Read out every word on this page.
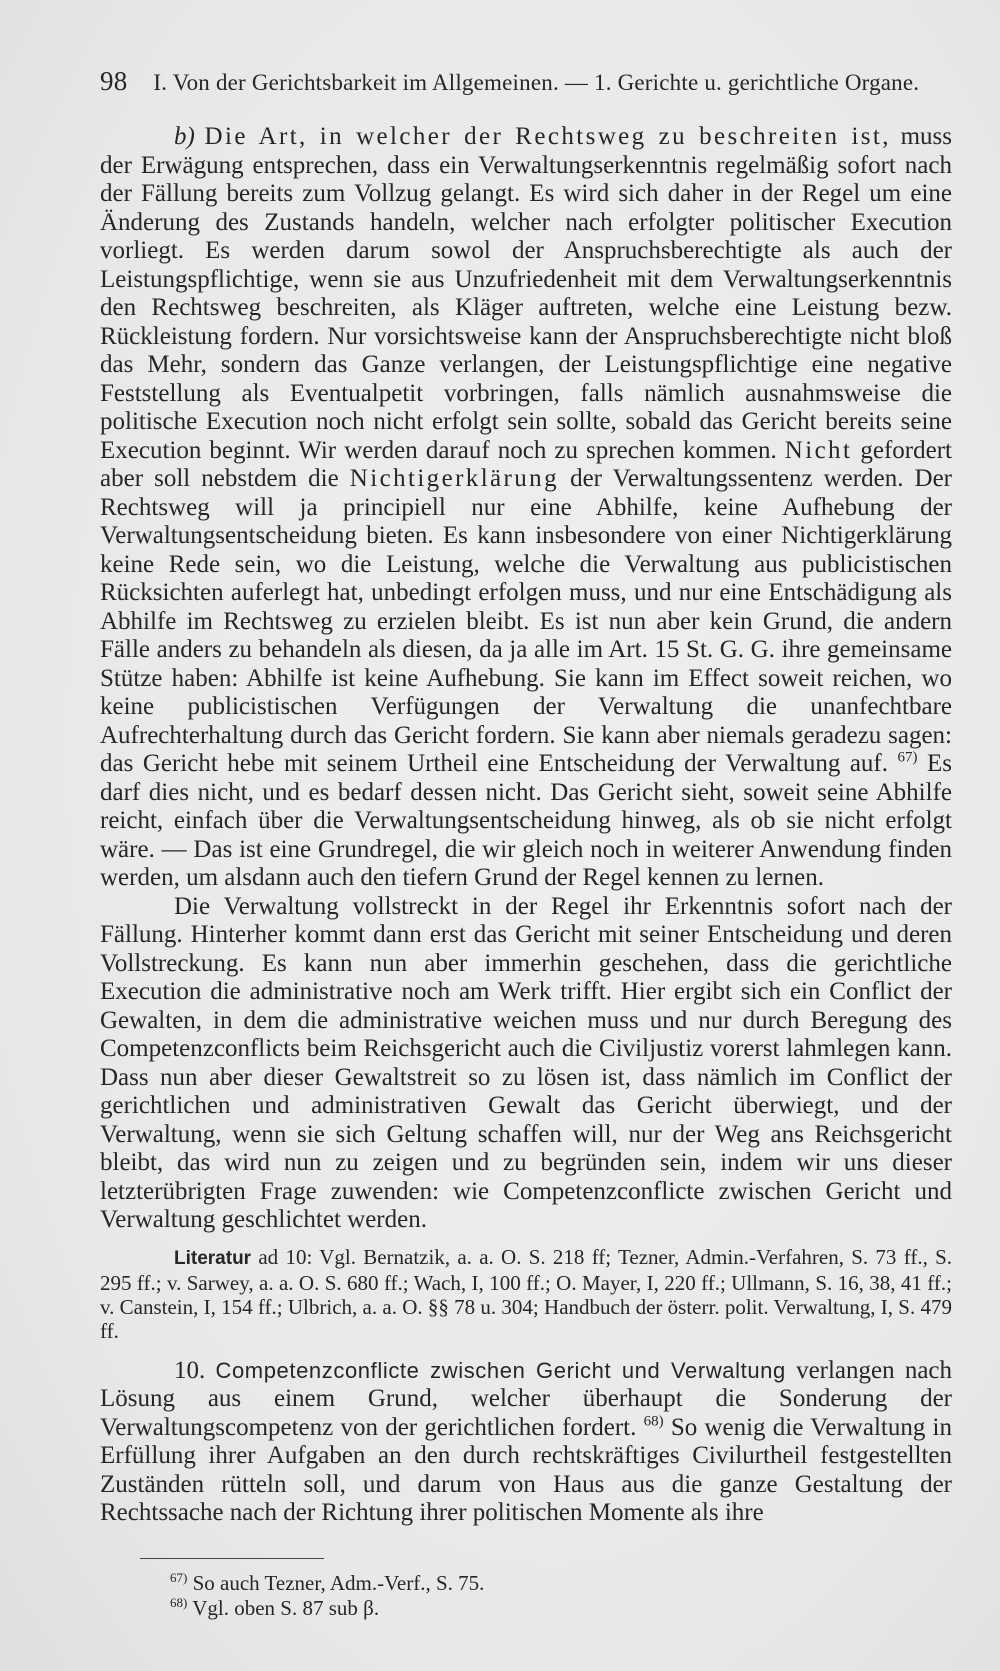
98 I. Von der Gerichtsbarkeit im Allgemeinen. — 1. Gerichte u. gerichtliche Organe.

b) Die Art, in welcher der Rechtsweg zu beschreiten ist, muss der Erwägung entsprechen, dass ein Verwaltungserkenntnis regelmäßig sofort nach der Fällung bereits zum Vollzug gelangt. Es wird sich daher in der Regel um eine Änderung des Zustands handeln, welcher nach erfolgter politischer Execution vorliegt. Es werden darum sowol der Anspruchsberechtigte als auch der Leistungspflichtige, wenn sie aus Unzufriedenheit mit dem Verwaltungserkenntnis den Rechtsweg beschreiten, als Kläger auftreten, welche eine Leistung bezw. Rückleistung fordern. Nur vorsichtsweise kann der Anspruchsberechtigte nicht bloß das Mehr, sondern das Ganze verlangen, der Leistungspflichtige eine negative Feststellung als Eventualpetit vorbringen, falls nämlich ausnahmsweise die politische Execution noch nicht erfolgt sein sollte, sobald das Gericht bereits seine Execution beginnt. Wir werden darauf noch zu sprechen kommen. Nicht gefordert aber soll nebstdem die Nichtigerklärung der Verwaltungssentenz werden. Der Rechtsweg will ja principiell nur eine Abhilfe, keine Aufhebung der Verwaltungsentscheidung bieten. Es kann insbesondere von einer Nichtigerklärung keine Rede sein, wo die Leistung, welche die Verwaltung aus publicistischen Rücksichten auferlegt hat, unbedingt erfolgen muss, und nur eine Entschädigung als Abhilfe im Rechtsweg zu erzielen bleibt. Es ist nun aber kein Grund, die andern Fälle anders zu behandeln als diesen, da ja alle im Art. 15 St. G. G. ihre gemeinsame Stütze haben: Abhilfe ist keine Aufhebung. Sie kann im Effect soweit reichen, wo keine publicistischen Verfügungen der Verwaltung die unanfechtbare Aufrechterhaltung durch das Gericht fordern. Sie kann aber niemals geradezu sagen: das Gericht hebe mit seinem Urtheil eine Entscheidung der Verwaltung auf. $^{67)}$ Es darf dies nicht, und es bedarf dessen nicht. Das Gericht sieht, soweit seine Abhilfe reicht, einfach über die Verwaltungsentscheidung hinweg, als ob sie nicht erfolgt wäre. — Das ist eine Grundregel, die wir gleich noch in weiterer Anwendung finden werden, um alsdann auch den tiefern Grund der Regel kennen zu lernen.

Die Verwaltung vollstreckt in der Regel ihr Erkenntnis sofort nach der Fällung. Hinterher kommt dann erst das Gericht mit seiner Entscheidung und deren Vollstreckung. Es kann nun aber immerhin geschehen, dass die gerichtliche Execution die administrative noch am Werk trifft. Hier ergibt sich ein Conflict der Gewalten, in dem die administrative weichen muss und nur durch Beregung des Competenzconflicts beim Reichsgericht auch die Civiljustiz vorerst lahmlegen kann. Dass nun aber dieser Gewaltstreit so zu lösen ist, dass nämlich im Conflict der gerichtlichen und administrativen Gewalt das Gericht überwiegt, und der Verwaltung, wenn sie sich Geltung schaffen will, nur der Weg ans Reichsgericht bleibt, das wird nun zu zeigen und zu begründen sein, indem wir uns dieser letzterübrigten Frage zuwenden: wie Competenzconflicte zwischen Gericht und Verwaltung geschlichtet werden.

Literatur ad 10: Vgl. Bernatzik, a. a. O. S. 218 ff; Tezner, Admin.-Verfahren, S. 73 ff., S. 295 ff.; v. Sarwey, a. a. O. S. 680 ff.; Wach, I, 100 ff.; O. Mayer, I, 220 ff.; Ullmann, S. 16, 38, 41 ff.; v. Canstein, I, 154 ff.; Ulbrich, a. a. O. §§ 78 u. 304; Handbuch der österr. polit. Verwaltung, I, S. 479 ff.

10. Competenzconflicte zwischen Gericht und Verwaltung verlangen nach Lösung aus einem Grund, welcher überhaupt die Sonderung der Verwaltungscompetenz von der gerichtlichen fordert. $^{68)}$ So wenig die Verwaltung in Erfüllung ihrer Aufgaben an den durch rechtskräftiges Civilurtheil festgestellten Zuständen rütteln soll, und darum von Haus aus die ganze Gestaltung der Rechtssache nach der Richtung ihrer politischen Momente als ihre

$^{67)}$ So auch Tezner, Adm.-Verf., S. 75.
$^{68)}$ Vgl. oben S. 87 sub β.
